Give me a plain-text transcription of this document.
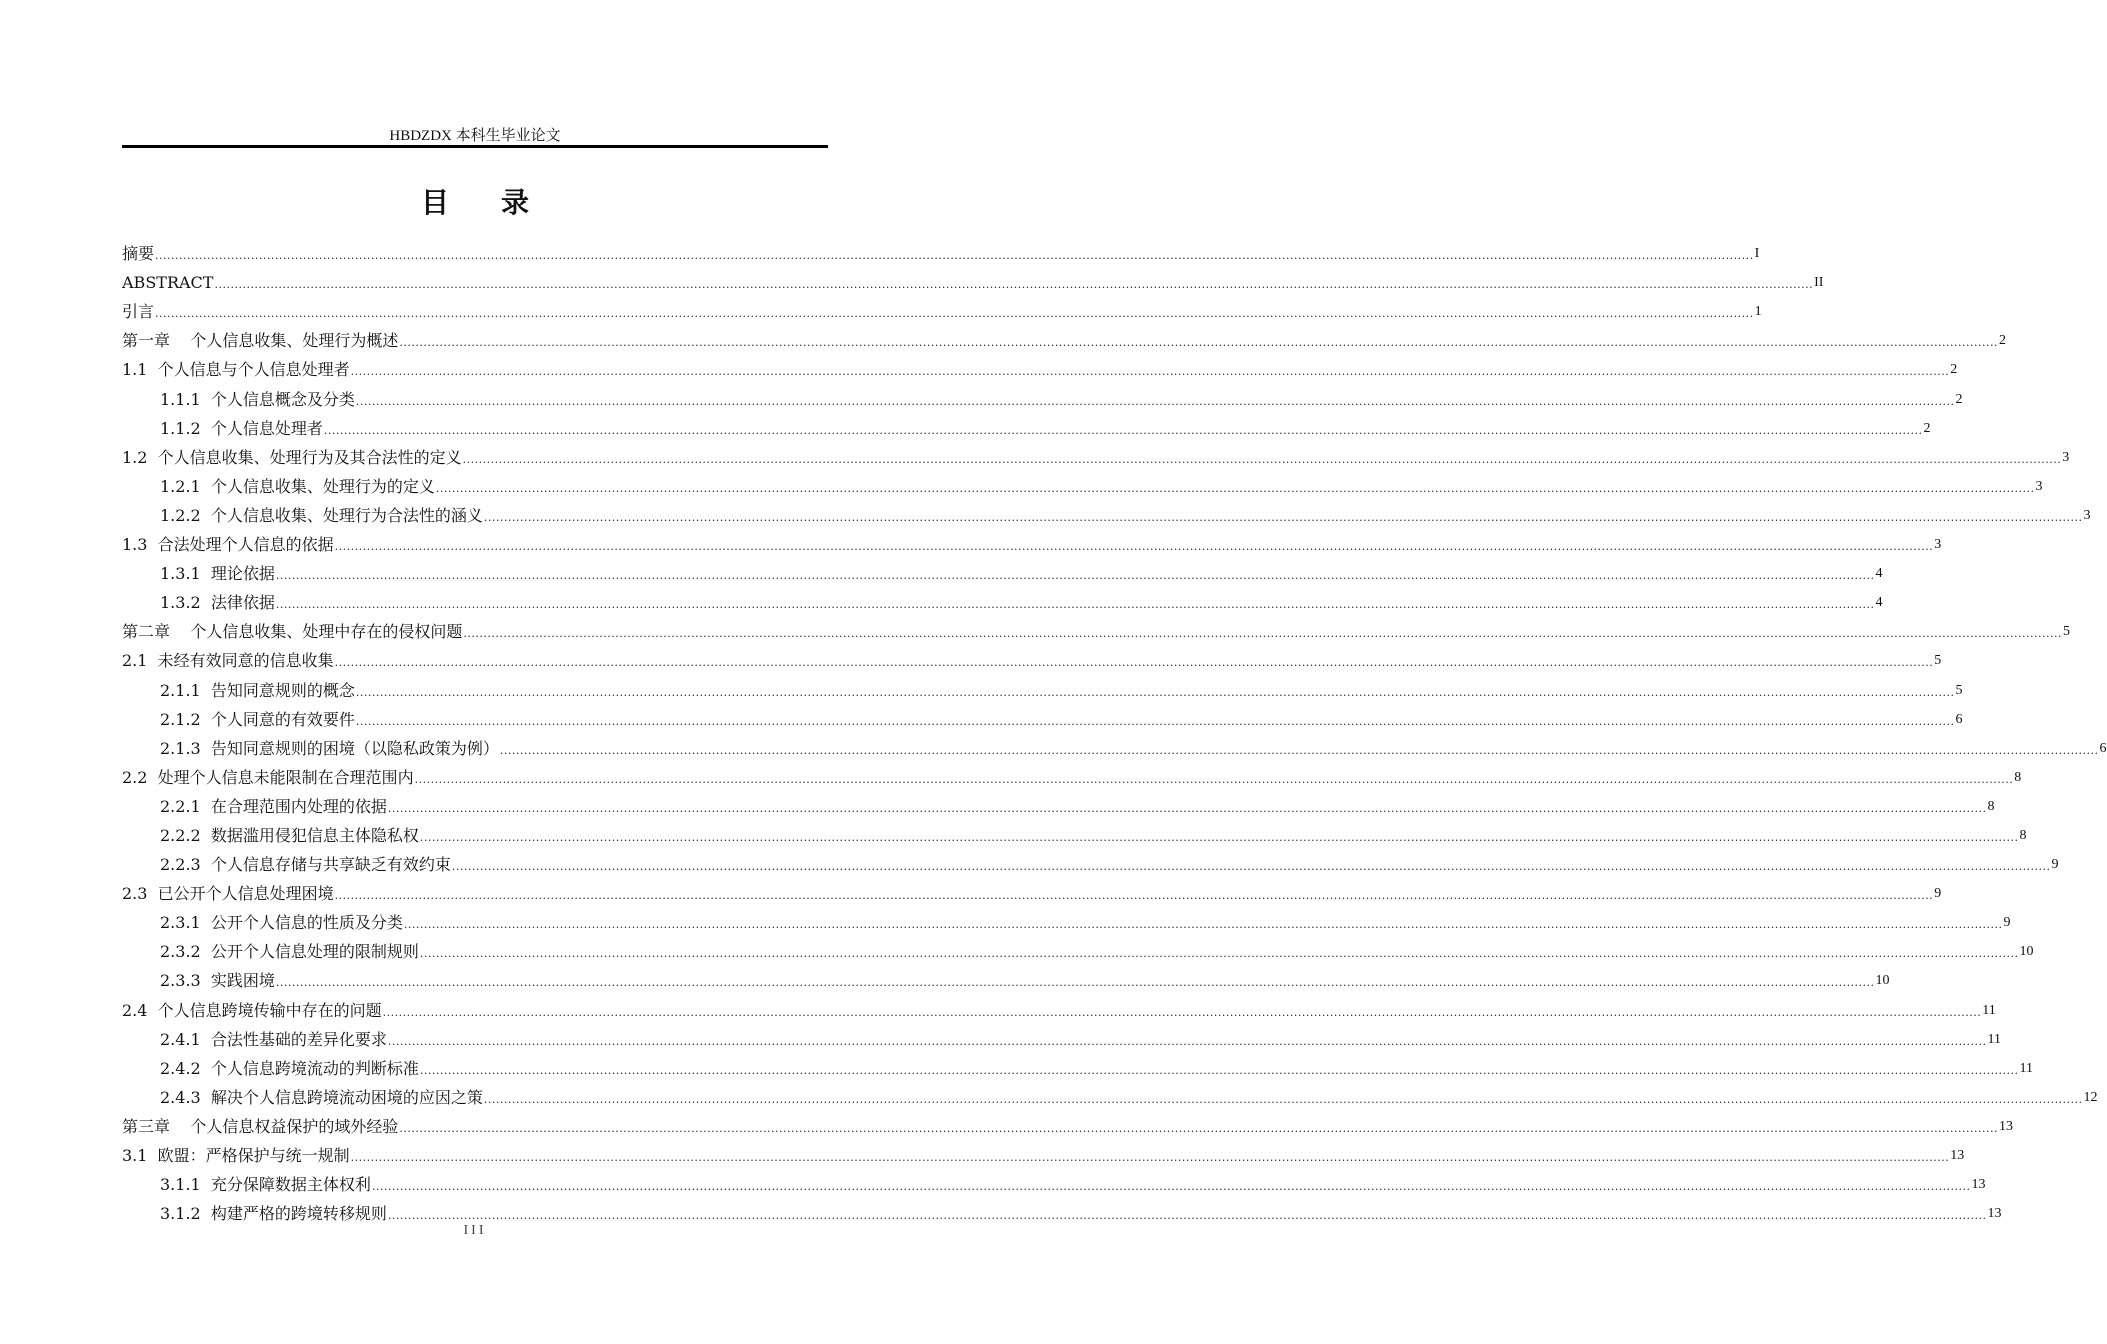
HBDZDX 本科生毕业论文
目录
摘要 ................................................................................................................................................................................................................................................................................................................................................................................................................ I
ABSTRACT ................................................................................................................................................................................................................................................................................................................................................................................................................ II
引言 ................................................................................................................................................................................................................................................................................................................................................................................................................ 1
第一章 个人信息收集、处理行为概述 ................................................................................................................................................................................................................................................................................................................................................................................................................ 2
1.1 个人信息与个人信息处理者 ................................................................................................................................................................................................................................................................................................................................................................................................................ 2
1.1.1 个人信息概念及分类 ................................................................................................................................................................................................................................................................................................................................................................................................................ 2
1.1.2 个人信息处理者 ................................................................................................................................................................................................................................................................................................................................................................................................................ 2
1.2 个人信息收集、处理行为及其合法性的定义 ................................................................................................................................................................................................................................................................................................................................................................................................................ 3
1.2.1 个人信息收集、处理行为的定义 ................................................................................................................................................................................................................................................................................................................................................................................................................ 3
1.2.2 个人信息收集、处理行为合法性的涵义 ................................................................................................................................................................................................................................................................................................................................................................................................................ 3
1.3 合法处理个人信息的依据 ................................................................................................................................................................................................................................................................................................................................................................................................................ 3
1.3.1 理论依据 ................................................................................................................................................................................................................................................................................................................................................................................................................ 4
1.3.2 法律依据 ................................................................................................................................................................................................................................................................................................................................................................................................................ 4
第二章 个人信息收集、处理中存在的侵权问题 ................................................................................................................................................................................................................................................................................................................................................................................................................ 5
2.1 未经有效同意的信息收集 ................................................................................................................................................................................................................................................................................................................................................................................................................ 5
2.1.1 告知同意规则的概念 ................................................................................................................................................................................................................................................................................................................................................................................................................ 5
2.1.2 个人同意的有效要件 ................................................................................................................................................................................................................................................................................................................................................................................................................ 6
2.1.3 告知同意规则的困境（以隐私政策为例） ................................................................................................................................................................................................................................................................................................................................................................................................................ 6
2.2 处理个人信息未能限制在合理范围内 ................................................................................................................................................................................................................................................................................................................................................................................................................ 8
2.2.1 在合理范围内处理的依据 ................................................................................................................................................................................................................................................................................................................................................................................................................ 8
2.2.2 数据滥用侵犯信息主体隐私权 ................................................................................................................................................................................................................................................................................................................................................................................................................ 8
2.2.3 个人信息存储与共享缺乏有效约束 ................................................................................................................................................................................................................................................................................................................................................................................................................ 9
2.3 已公开个人信息处理困境 ................................................................................................................................................................................................................................................................................................................................................................................................................ 9
2.3.1 公开个人信息的性质及分类 ................................................................................................................................................................................................................................................................................................................................................................................................................ 9
2.3.2 公开个人信息处理的限制规则 ................................................................................................................................................................................................................................................................................................................................................................................................................ 10
2.3.3 实践困境 ................................................................................................................................................................................................................................................................................................................................................................................................................ 10
2.4 个人信息跨境传输中存在的问题 ................................................................................................................................................................................................................................................................................................................................................................................................................ 11
2.4.1 合法性基础的差异化要求 ................................................................................................................................................................................................................................................................................................................................................................................................................ 11
2.4.2 个人信息跨境流动的判断标准 ................................................................................................................................................................................................................................................................................................................................................................................................................ 11
2.4.3 解决个人信息跨境流动困境的应因之策 ................................................................................................................................................................................................................................................................................................................................................................................................................ 12
第三章 个人信息权益保护的域外经验 ................................................................................................................................................................................................................................................................................................................................................................................................................ 13
3.1 欧盟：严格保护与统一规制 ................................................................................................................................................................................................................................................................................................................................................................................................................ 13
3.1.1 充分保障数据主体权利 ................................................................................................................................................................................................................................................................................................................................................................................................................ 13
3.1.2 构建严格的跨境转移规则 ................................................................................................................................................................................................................................................................................................................................................................................................................ 13
III
